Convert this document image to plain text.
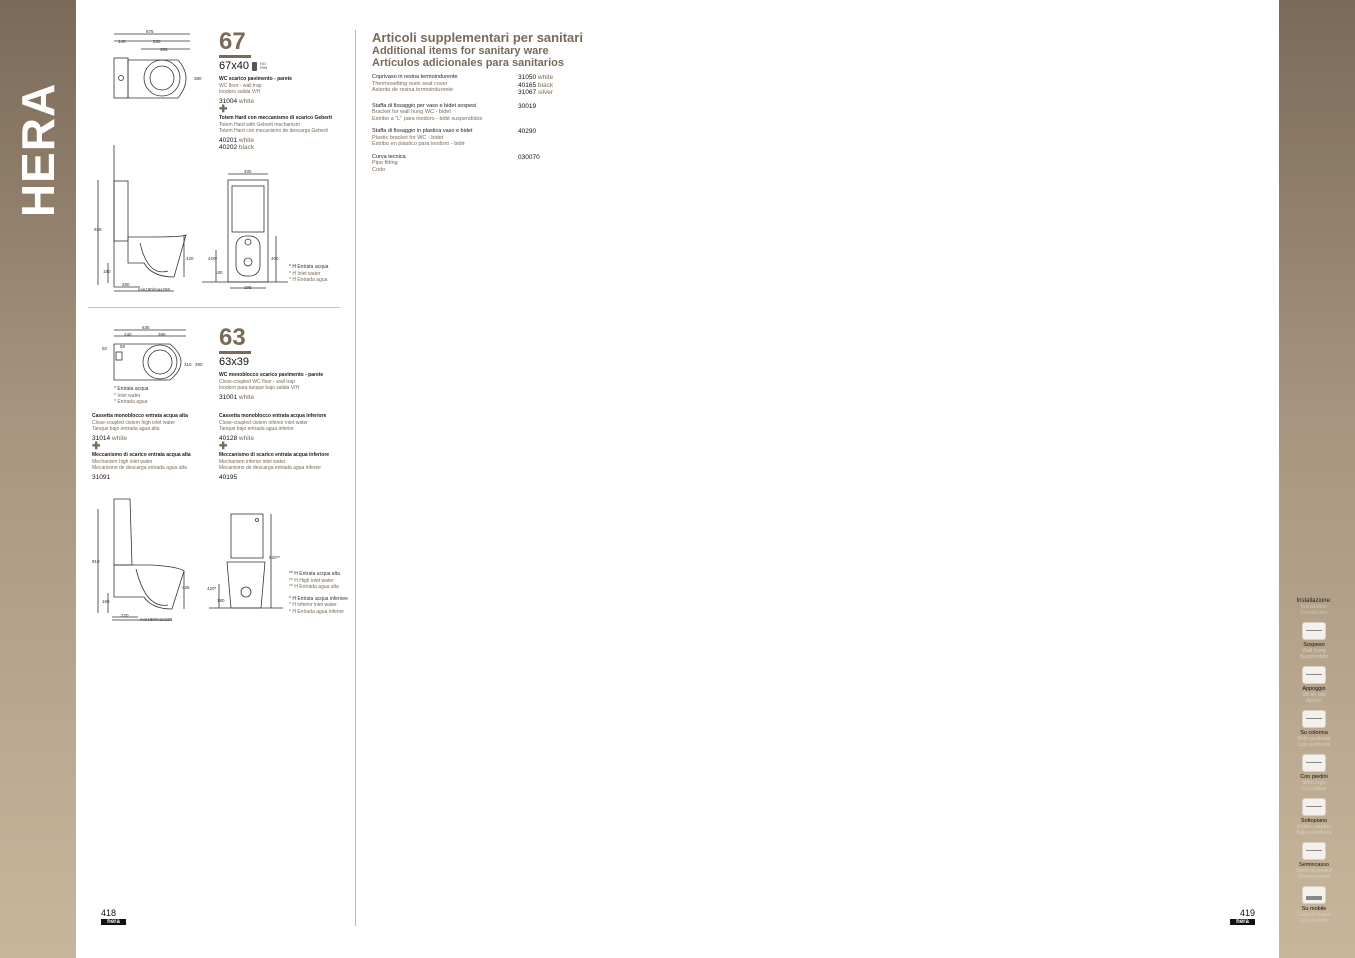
HERA
675
140	530
380
380
928
420
180
260
min180/max265
400
400
420*
180
195
* H Entrata acqua
* H Inlet water
* H Entrada agua
67
67x40	NO RIM
WC scarico pavimento - parete
WC floor - wall trap
Inodoro salida V/H
31004 white
✚
Totem Hard con meccanismo di scarico Geberit
Totem Hard with Geberit mechanism
Totem Hard con mecanismo de descarga Geberit
40201 white
40202 black
635
240	395
50	58
310 390
* Entrata acqua
* Inlet water
* Entrada agua
910
425
180
220
min180/max220
820**
420*
180
** H Entrata acqua alta
** H High inlet water
** H Entrada agua alta
* H Entrata acqua inferiore
* H inferior inlet water
* H Entrada agua inferior
63
63x39
WC monoblocco scarico pavimento - parete
Close-coupled WC floor - wall trap
Inodoro para tanque bajo salida V/H
31001 white
Cassetta monoblocco entrata acqua alta
Close-coupled cistern high inlet water
Tanque bajo entrada agua alta
31014 white
✚
Meccanismo di scarico entrata acqua alta
Mechanism high inlet water
Mecanismo de descarga entrada agua alta
31091
Cassetta monoblocco entrata acqua inferiore
Close-coupled cistern inferior inlet water
Tanque bajo entrada agua inferior
40128 white
✚
Meccanismo di scarico entrata acqua inferiore
Mechanism inferior inlet water
Mecanismo de descarga entrada agua inferior
40195
Articoli supplementari per sanitari
Additional items for sanitary ware
Artículos adicionales para sanitarios
Coprivaso in resina termoindurente
Thermosetting resin seat cover
Asiento de resina termoindurente
31050 white
40165 black
31067 silver
Staffa di fissaggio per vaso e bidet sospesi
Bracket for wall hung WC - bidet
Estribo a "L" para inodoro - bidé suspendidos
30019
Staffa di fissaggio in plastica vaso e bidet
Plastic bracket for WC - bidet
Estribo en plástico para inodoro - bidé
40290
Curva tecnica
Pipe fitting
Codo
030070
Installazione:
Installation
Instalación
Sospeso
Wall hung
Suspendido
Appoggio
Sit on top
Apoyo
Su colonna
With pedestal
Con pedestal
Con piedini
With legs
Con patas
Sottopiano
Under counter
Bajo encimera
Semincasso
Semi recessed
Semiencastre
Su mobile
Cabinet basin
Con mueble
418
hera
419
hera
